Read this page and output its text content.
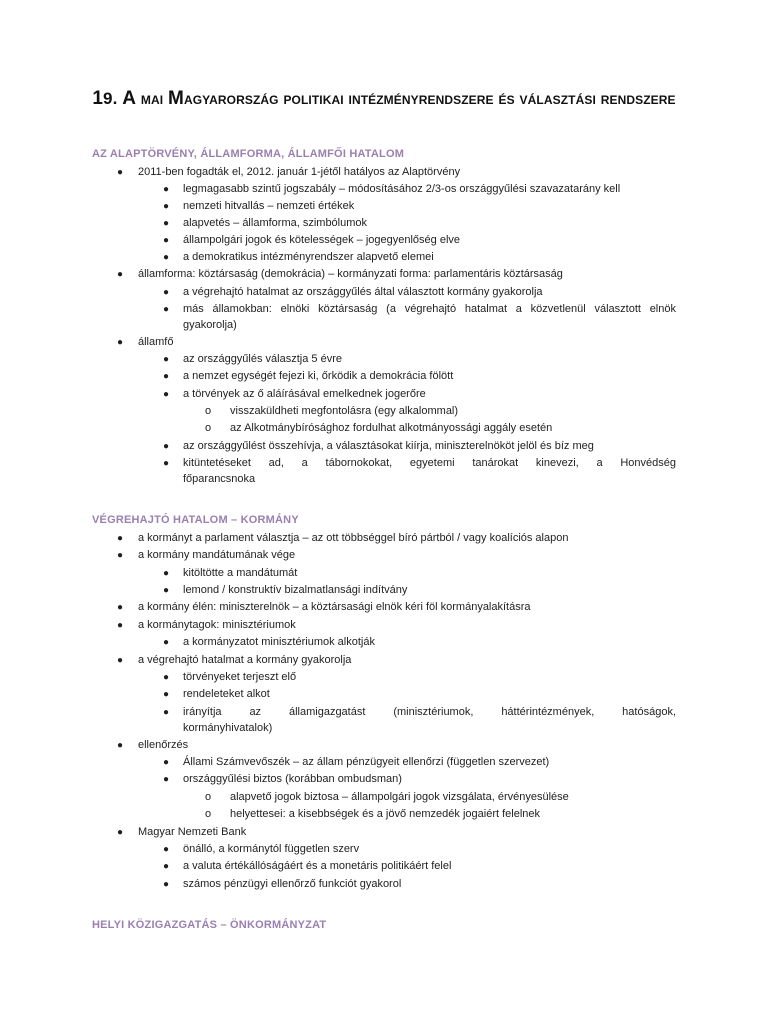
19. A mai Magyarország politikai intézményrendszere és választási rendszere
AZ ALAPTÖRVÉNY, ÁLLAMFORMA, ÁLLAMFŐI HATALOM
VÉGREHAJTÓ HATALOM – KORMÁNY
HELYI KÖZIGAZGATÁS – ÖNKORMÁNYZAT
● 2011-ben fogadták el, 2012. január 1-jétől hatályos az Alaptörvény
● legmagasabb szintű jogszabály – módosításához 2/3-os országgyűlési szavazatarány kell
● nemzeti hitvallás – nemzeti értékek
● alapvetés – államforma, szimbólumok
● állampolgári jogok és kötelességek – jogegyenlőség elve
● a demokratikus intézményrendszer alapvető elemei
● államforma: köztársaság (demokrácia) – kormányzati forma: parlamentáris köztársaság
● a végrehajtó hatalmat az országgyűlés által választott kormány gyakorolja
● más államokban: elnöki köztársaság (a végrehajtó hatalmat a közvetlenül választott elnök
gyakorolja)
● államfő
● az országgyűlés választja 5 évre
● a nemzet egységét fejezi ki, őrködik a demokrácia fölött
● a törvények az ő aláírásával emelkednek jogerőre
o visszaküldheti megfontolásra (egy alkalommal)
o az Alkotmánybírósághoz fordulhat alkotmányossági aggály esetén
● az országgyűlést összehívja, a választásokat kiírja, miniszterelnököt jelöl és bíz meg
● kitüntetéseket ad, a tábornokokat, egyetemi tanárokat kinevezi, a Honvédség
főparancsnoka
● a kormányt a parlament választja – az ott többséggel bíró pártból / vagy koalíciós alapon
● a kormány mandátumának vége
● kitöltötte a mandátumát
● lemond / konstruktív bizalmatlansági indítvány
● a kormány élén: miniszterelnök – a köztársasági elnök kéri föl kormányalakításra
● a kormánytagok: minisztériumok
● a kormányzatot minisztériumok alkotják
● a végrehajtó hatalmat a kormány gyakorolja
● törvényeket terjeszt elő
● rendeleteket alkot
● irányítja az államigazgatást (minisztériumok, háttérintézmények, hatóságok,
kormányhivatalok)
● ellenőrzés
● Állami Számvevőszék – az állam pénzügyeit ellenőrzi (független szervezet)
● országgyűlési biztos (korábban ombudsman)
o alapvető jogok biztosa – állampolgári jogok vizsgálata, érvényesülése
o helyettesei: a kisebbségek és a jövő nemzedék jogaiért felelnek
● Magyar Nemzeti Bank
● önálló, a kormánytól független szerv
● a valuta értékállóságáért és a monetáris politikáért felel
● számos pénzügyi ellenőrző funkciót gyakorol
